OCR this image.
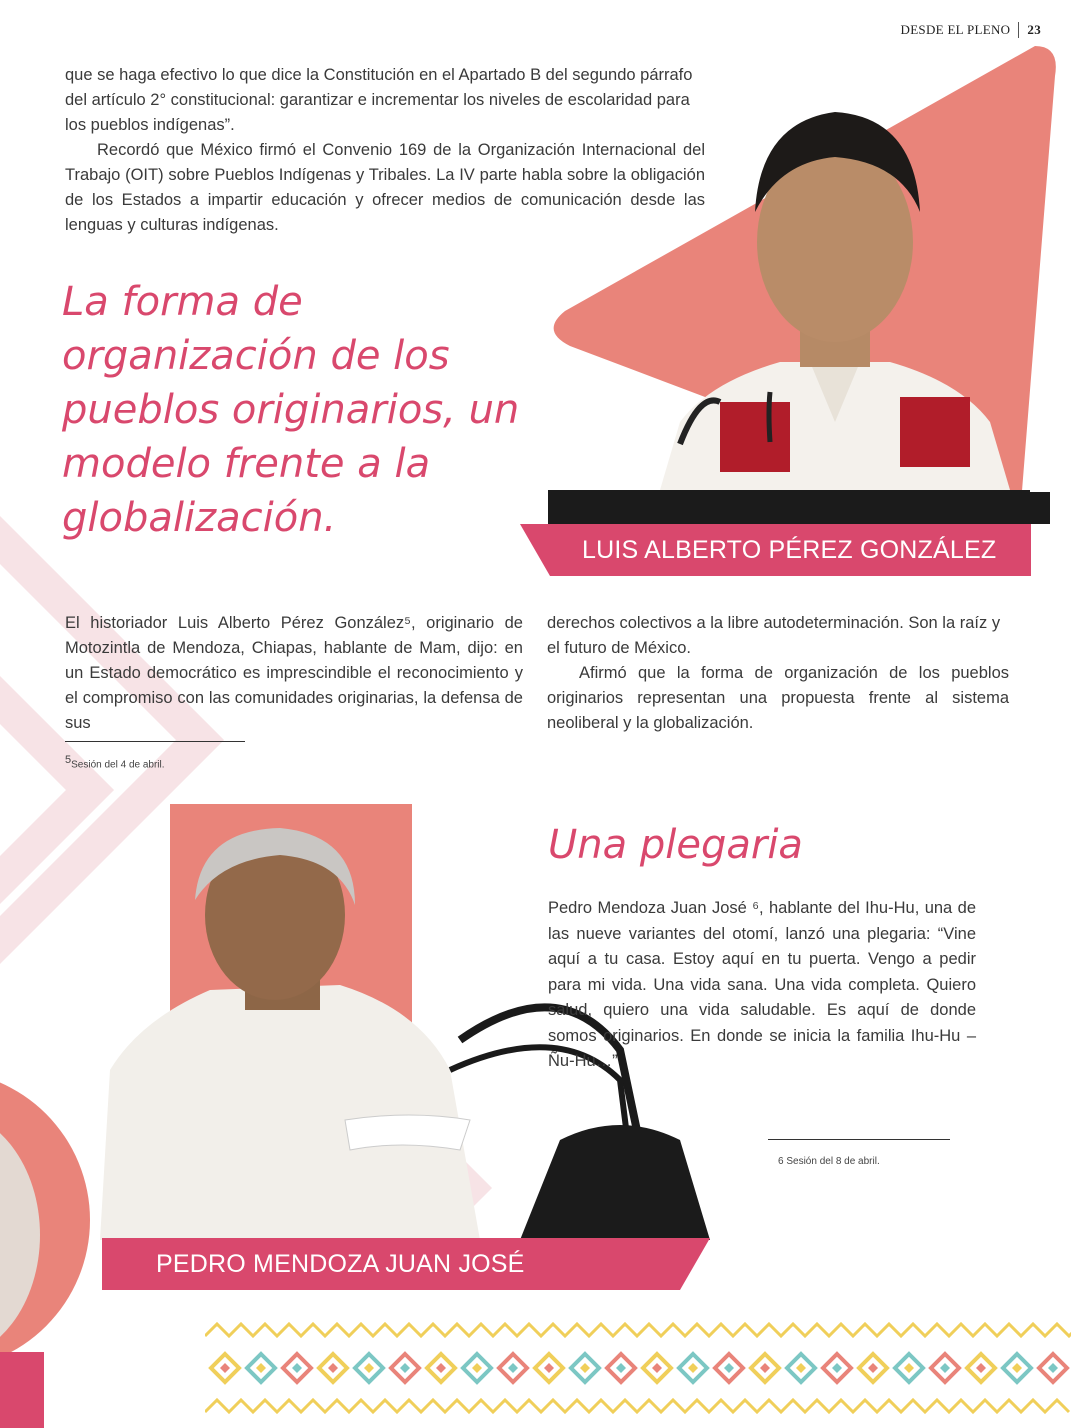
DESDE EL PLENO 23
LUIS ALBERTO PÉREZ GONZÁLEZ

que se haga efectivo lo que dice la Constitución en el Apartado B del segundo párrafo del artículo 2° constitucional: garantizar e incrementar los niveles de escolaridad para los pueblos indígenas”.

Recordó que México firmó el Convenio 169 de la Organización Internacional del Trabajo (OIT) sobre Pueblos Indígenas y Tribales. La IV parte habla sobre la obligación de los Estados a impartir educación y ofrecer medios de comunicación desde las lenguas y culturas indígenas.

La forma de organización de los pueblos originarios, un modelo frente a la globalización.
El historiador Luis Alberto Pérez González⁵, originario de Motozintla de Mendoza, Chiapas, hablante de Mam, dijo: en un Estado democrático es imprescindible el reconocimiento y el compromiso con las comunidades originarias, la defensa de sus

derechos colectivos a la libre autodeterminación. Son la raíz y el futuro de México.

Afirmó que la forma de organización de los pueblos originarios representan una propuesta frente al sistema neoliberal y la globalización.

$^5$Sesión del 4 de abril.
PEDRO MENDOZA JUAN JOSÉ
Una plegaria
Pedro Mendoza Juan José ⁶, hablante del Ihu-Hu, una de las nueve variantes del otomí, lanzó una plegaria: “Vine aquí a tu casa. Estoy aquí en tu puerta. Vengo a pedir para mi vida. Una vida sana. Una vida completa. Quiero salud, quiero una vida saludable. Es aquí de donde somos originarios. En donde se inicia la familia Ihu-Hu –Ñu-Hu…”
6 Sesión del 8 de abril.
